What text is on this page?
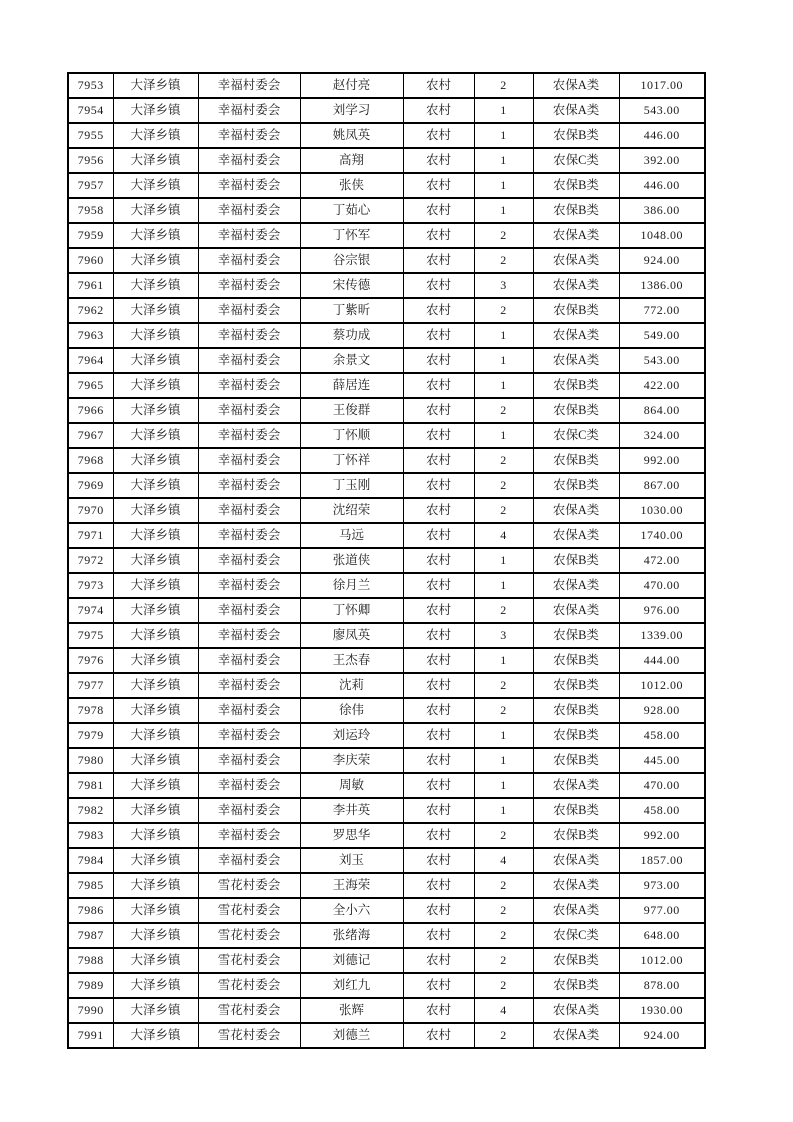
7953	大泽乡镇	幸福村委会	赵付亮	农村	2	农保A类	1017.00
7954	大泽乡镇	幸福村委会	刘学习	农村	1	农保A类	543.00
7955	大泽乡镇	幸福村委会	姚凤英	农村	1	农保B类	446.00
7956	大泽乡镇	幸福村委会	高翔	农村	1	农保C类	392.00
7957	大泽乡镇	幸福村委会	张侠	农村	1	农保B类	446.00
7958	大泽乡镇	幸福村委会	丁茹心	农村	1	农保B类	386.00
7959	大泽乡镇	幸福村委会	丁怀军	农村	2	农保A类	1048.00
7960	大泽乡镇	幸福村委会	谷宗银	农村	2	农保A类	924.00
7961	大泽乡镇	幸福村委会	宋传德	农村	3	农保A类	1386.00
7962	大泽乡镇	幸福村委会	丁紫昕	农村	2	农保B类	772.00
7963	大泽乡镇	幸福村委会	蔡功成	农村	1	农保A类	549.00
7964	大泽乡镇	幸福村委会	余景文	农村	1	农保A类	543.00
7965	大泽乡镇	幸福村委会	薛居连	农村	1	农保B类	422.00
7966	大泽乡镇	幸福村委会	王俊群	农村	2	农保B类	864.00
7967	大泽乡镇	幸福村委会	丁怀顺	农村	1	农保C类	324.00
7968	大泽乡镇	幸福村委会	丁怀祥	农村	2	农保B类	992.00
7969	大泽乡镇	幸福村委会	丁玉刚	农村	2	农保B类	867.00
7970	大泽乡镇	幸福村委会	沈绍荣	农村	2	农保A类	1030.00
7971	大泽乡镇	幸福村委会	马远	农村	4	农保A类	1740.00
7972	大泽乡镇	幸福村委会	张道侠	农村	1	农保B类	472.00
7973	大泽乡镇	幸福村委会	徐月兰	农村	1	农保A类	470.00
7974	大泽乡镇	幸福村委会	丁怀卿	农村	2	农保A类	976.00
7975	大泽乡镇	幸福村委会	廖凤英	农村	3	农保B类	1339.00
7976	大泽乡镇	幸福村委会	王杰春	农村	1	农保B类	444.00
7977	大泽乡镇	幸福村委会	沈莉	农村	2	农保B类	1012.00
7978	大泽乡镇	幸福村委会	徐伟	农村	2	农保B类	928.00
7979	大泽乡镇	幸福村委会	刘运玲	农村	1	农保B类	458.00
7980	大泽乡镇	幸福村委会	李庆荣	农村	1	农保B类	445.00
7981	大泽乡镇	幸福村委会	周敏	农村	1	农保A类	470.00
7982	大泽乡镇	幸福村委会	李井英	农村	1	农保B类	458.00
7983	大泽乡镇	幸福村委会	罗思华	农村	2	农保B类	992.00
7984	大泽乡镇	幸福村委会	刘玉	农村	4	农保A类	1857.00
7985	大泽乡镇	雪花村委会	王海荣	农村	2	农保A类	973.00
7986	大泽乡镇	雪花村委会	全小六	农村	2	农保A类	977.00
7987	大泽乡镇	雪花村委会	张绪海	农村	2	农保C类	648.00
7988	大泽乡镇	雪花村委会	刘德记	农村	2	农保B类	1012.00
7989	大泽乡镇	雪花村委会	刘红九	农村	2	农保B类	878.00
7990	大泽乡镇	雪花村委会	张辉	农村	4	农保A类	1930.00
7991	大泽乡镇	雪花村委会	刘德兰	农村	2	农保A类	924.00
